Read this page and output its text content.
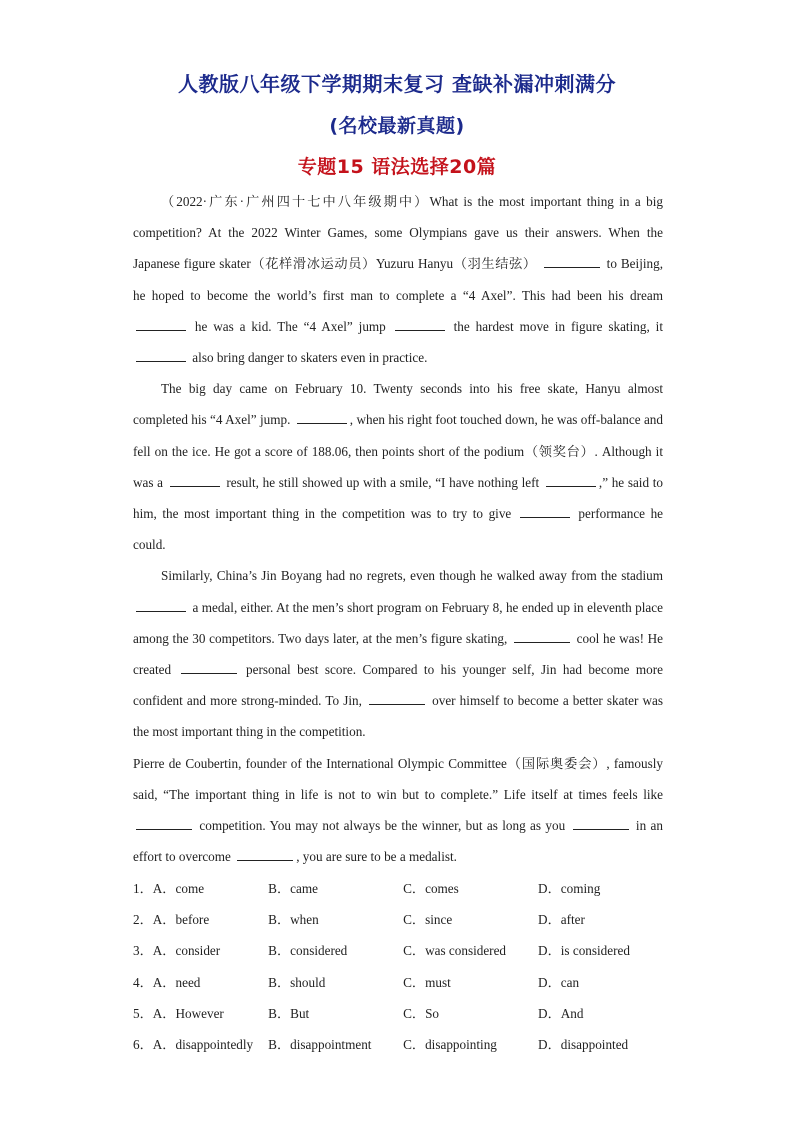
人教版八年级下学期期末复习 查缺补漏冲刺满分
(名校最新真题)
专题15 语法选择20篇

（2022·广东·广州四十七中八年级期中）What is the most important thing in a big competition? At the 2022 Winter Games, some Olympians gave us their answers. When the Japanese figure skater（花样滑冰运动员）Yuzuru Hanyu（羽生结弦）	to Beijing, he hoped to become the world’s first man to complete a “4 Axel”. This had been his dream  he was a kid. The “4 Axel” jump	the hardest move in figure skating, it  also bring danger to skaters even in practice.

The big day came on February 10. Twenty seconds into his free skate, Hanyu almost completed his “4 Axel” jump.	, when his right foot touched down, he was off-balance and fell on the ice. He got a score of 188.06, then points short of the podium（领奖台）. Although it was a	result, he still showed up with a smile, “I have nothing left	,” he said to him, the most important thing in the competition was to try to give	performance he could.

Similarly, China’s Jin Boyang had no regrets, even though he walked away from the stadium  a medal, either. At the men’s short program on February 8, he ended up in eleventh place among the 30 competitors. Two days later, at the men’s figure skating,	cool he was! He created	personal best score. Compared to his younger self, Jin had become more confident and more strong-minded. To Jin,	over himself to become a better skater was the most important thing in the competition.

Pierre de Coubertin, founder of the International Olympic Committee（国际奥委会）, famously said, “The important thing in life is not to win but to complete.” Life itself at times feels like  competition. You may not always be the winner, but as long as you	in an effort to overcome	, you are sure to be a medalist.

1． A．come	B．came	C．comes	D．coming
2． A．before	B．when	C．since	D．after
3． A．consider	B．considered	C．was considered	D．is considered
4． A．need	B．should	C．must	D．can
5． A．However	B．But	C．So	D．And
6． A．disappointedly	B．disappointment	C．disappointing	D．disappointed
